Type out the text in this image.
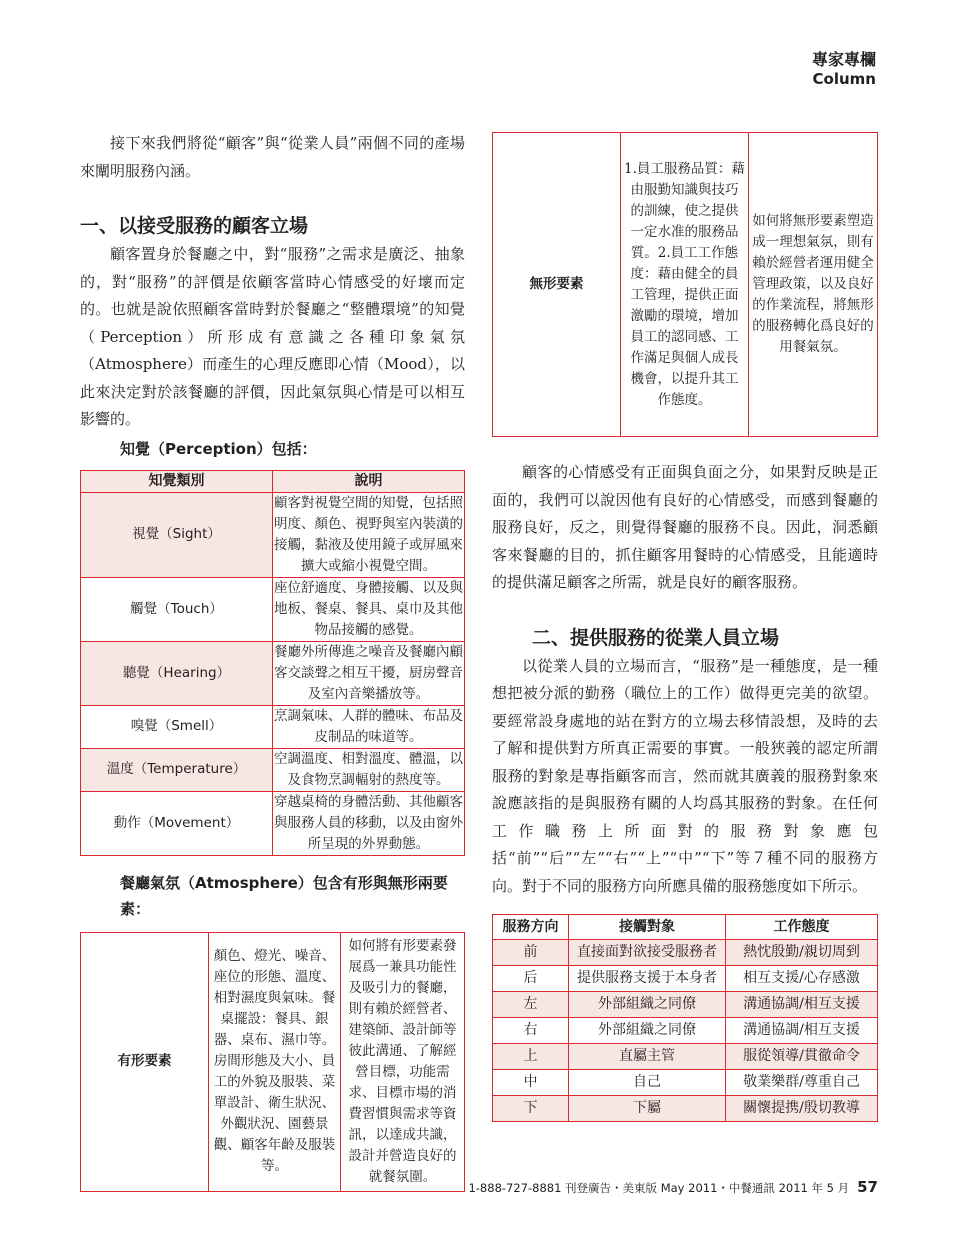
專家專欄
Column

接下來我們將從“顧客”與“從業人員”兩個不同的產場來闡明服務內涵。

一、以接受服務的顧客立場

顧客置身於餐廳之中，對“服務”之需求是廣泛、抽象的，對“服務”的評價是依顧客當時心情感受的好壞而定的。也就是說依照顧客當時對於餐廳之“整體環境”的知覺（Perception）所形成有意識之各種印象氣氛（Atmosphere）而產生的心理反應即心情（Mood），以此來決定對於該餐廳的評價，因此氣氛與心情是可以相互影響的。

知覺（Perception）包括：
知覺類別	說明
視覺（Sight）	顧客對視覺空間的知覺，包括照明度、顏色、視野與室內裝潢的接觸，黏液及使用鏡子或屏風來擴大或縮小視覺空間。
觸覺（Touch）	座位舒適度、身體接觸、以及與地板、餐桌、餐具、桌巾及其他物品接觸的感覺。
聽覺（Hearing）	餐廳外所傳進之噪音及餐廳內顧客交談聲之相互干擾，厨房聲音及室內音樂播放等。
嗅覺（Smell）	烹調氣味、人群的體味、布品及皮制品的味道等。
溫度（Temperature）	空調溫度、相對溫度、體溫，以及食物烹調輻射的熱度等。
動作（Movement）	穿越桌椅的身體活動、其他顧客與服務人員的移動，以及由窗外所呈現的外界動態。
餐廳氣氛（Atmosphere）包含有形與無形兩要素：
有形要素	顏色、燈光、噪音、座位的形態、溫度、相對濕度與氣味。餐桌擺設：餐具、銀器、桌布、濕巾等。房間形態及大小、員工的外貌及服裝、菜單設計、衛生狀況、外觀狀況、園藝景觀、顧客年齡及服裝等。	如何將有形要素發展爲一兼具功能性及吸引力的餐廳，則有賴於經營者、建築師、設計師等彼此溝通、了解經營目標，功能需求、目標市場的消費習慣與需求等資訊，以達成共識，設計并營造良好的就餐氛圍。
無形要素	1.員工服務品質：藉由服勤知識與技巧的訓練，使之提供一定水准的服務品質。2.員工工作態度：藉由健全的員工管理，提供正面激勵的環境，增加員工的認同感、工作滿足與個人成長機會，以提升其工作態度。	如何將無形要素塑造成一理想氣氛，則有賴於經營者運用健全管理政策，以及良好的作業流程，將無形的服務轉化爲良好的用餐氣氛。

顧客的心情感受有正面與負面之分，如果對反映是正面的，我們可以說因他有良好的心情感受，而感到餐廳的服務良好，反之，則覺得餐廳的服務不良。因此，洞悉顧客來餐廳的目的，抓住顧客用餐時的心情感受，且能適時的提供滿足顧客之所需，就是良好的顧客服務。

二、提供服務的從業人員立場

以從業人員的立場而言，“服務”是一種態度，是一種想把被分派的勤務（職位上的工作）做得更完美的欲望。要經常設身處地的站在對方的立場去移情設想，及時的去了解和提供對方所真正需要的事實。一般狹義的認定所謂服務的對象是專指顧客而言，然而就其廣義的服務對象來說應該指的是與服務有關的人均爲其服務的對象。在任何工作職務上所面對的服務對象應包括“前”“后”“左”“右”“上”“中”“下”等７種不同的服務方向。對于不同的服務方向所應具備的服務態度如下所示。

服務方向	接觸對象	工作態度
前	直接面對欲接受服務者	熱忱殷勤/親切周到
后	提供服務支援于本身者	相互支援/心存感激
左	外部組織之同僚	溝通協調/相互支援
右	外部組織之同僚	溝通協調/相互支援
上	直屬主管	服從領導/貫徹命令
中	自己	敬業樂群/尊重自己
下	下屬	關懷提携/殷切教導
1-888-727-8881 刊登廣告・美東版 May 2011・中餐通訊 2011 年 5 月 57
